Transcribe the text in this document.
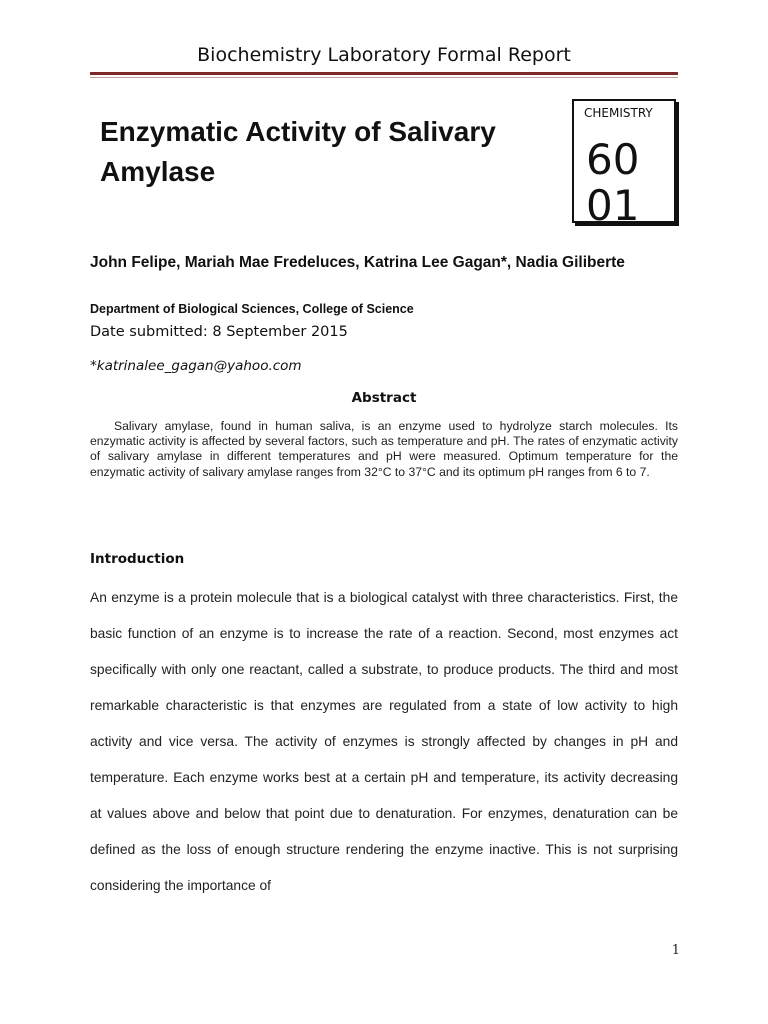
Biochemistry Laboratory Formal Report
Enzymatic Activity of Salivary Amylase
CHEMISTRY
60 01
John Felipe, Mariah Mae Fredeluces, Katrina Lee Gagan*, Nadia Giliberte
Department of Biological Sciences, College of Science
Date submitted: 8 September 2015
*katrinalee_gagan@yahoo.com
Abstract
Salivary amylase, found in human saliva, is an enzyme used to hydrolyze starch molecules. Its enzymatic activity is affected by several factors, such as temperature and pH. The rates of enzymatic activity of salivary amylase in different temperatures and pH were measured. Optimum temperature for the enzymatic activity of salivary amylase ranges from 32°C to 37°C and its optimum pH ranges from 6 to 7.
Introduction
An enzyme is a protein molecule that is a biological catalyst with three characteristics. First, the basic function of an enzyme is to increase the rate of a reaction. Second, most enzymes act specifically with only one reactant, called a substrate, to produce products. The third and most remarkable characteristic is that enzymes are regulated from a state of low activity to high activity and vice versa. The activity of enzymes is strongly affected by changes in pH and temperature. Each enzyme works best at a certain pH and temperature, its activity decreasing at values above and below that point due to denaturation. For enzymes, denaturation can be defined as the loss of enough structure rendering the enzyme inactive. This is not surprising considering the importance of
1
